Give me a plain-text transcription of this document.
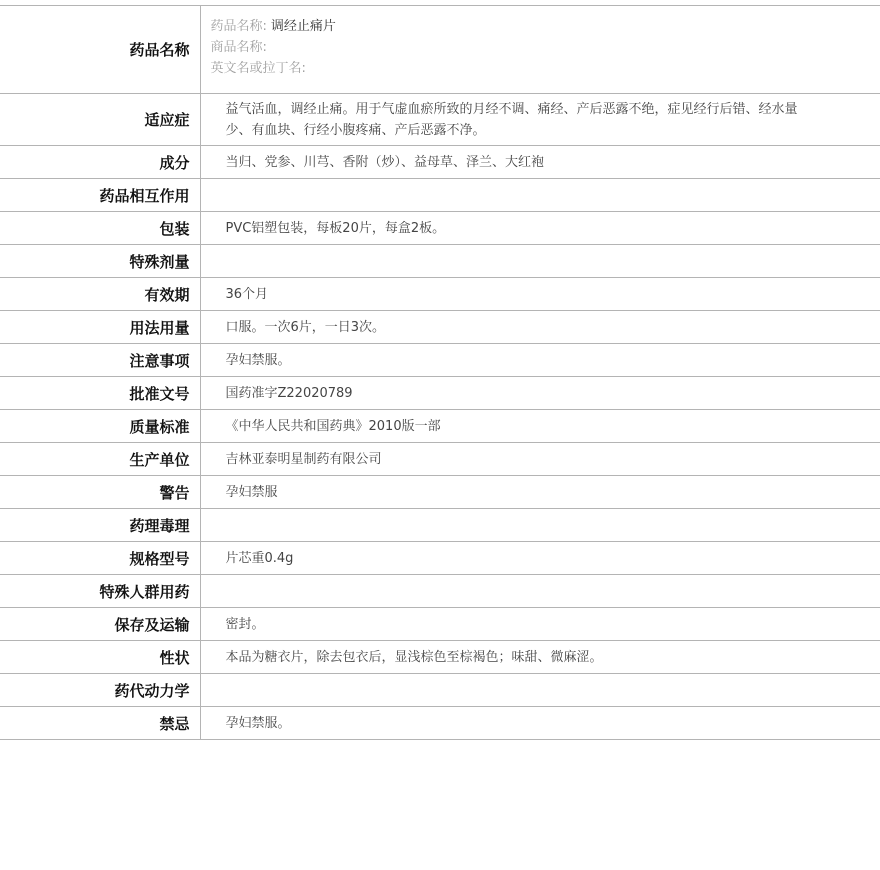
药品名称	药品名称: 调经止痛片
商品名称:
英文名或拉丁名:

适应症	益气活血，调经止痛。用于气虚血瘀所致的月经不调、痛经、产后恶露不绝，症见经行后错、经水量少、有血块、行经小腹疼痛、产后恶露不净。
成分	当归、党参、川芎、香附（炒）、益母草、泽兰、大红袍
药品相互作用	
包装	PVC铝塑包装，每板20片，每盒2板。
特殊剂量	
有效期	36个月
用法用量	口服。一次6片，一日3次。
注意事项	孕妇禁服。
批准文号	国药准字Z22020789
质量标准	《中华人民共和国药典》2010版一部
生产单位	吉林亚泰明星制药有限公司
警告	孕妇禁服
药理毒理	
规格型号	片芯重0.4g
特殊人群用药	
保存及运输	密封。
性状	本品为糖衣片，除去包衣后，显浅棕色至棕褐色；味甜、微麻涩。
药代动力学	
禁忌	孕妇禁服。
